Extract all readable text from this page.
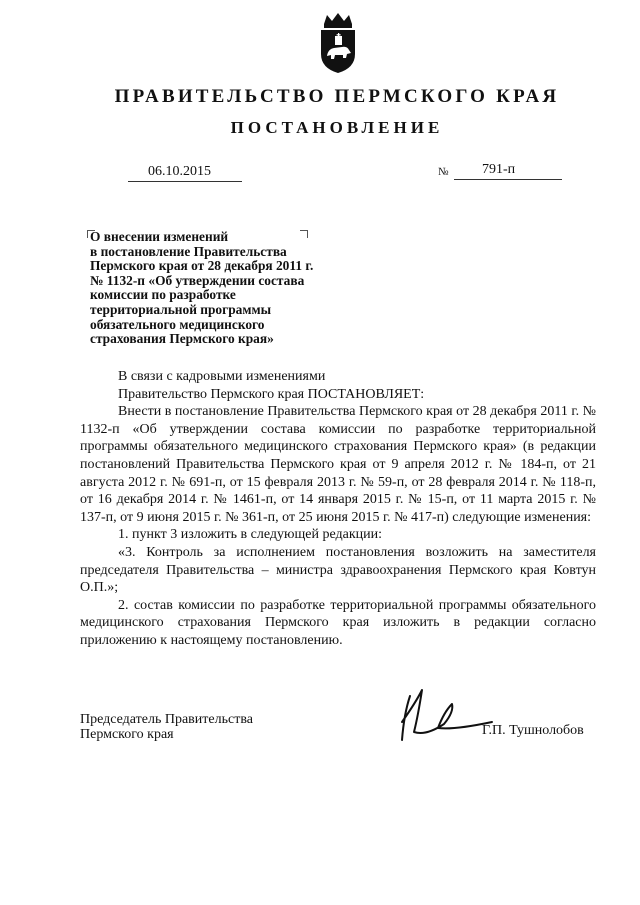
ПРАВИТЕЛЬСТВО ПЕРМСКОГО КРАЯ
ПОСТАНОВЛЕНИЕ
06.10.2015	№	791-п
О внесении изменений
в постановление Правительства
Пермского края от 28 декабря 2011 г.
№ 1132-п «Об утверждении состава
комиссии по разработке
территориальной программы
обязательного медицинского
страхования Пермского края»

В связи с кадровыми изменениями

Правительство Пермского края ПОСТАНОВЛЯЕТ:

Внести в постановление Правительства Пермского края от 28 декабря 2011 г. № 1132-п «Об утверждении состава комиссии по разработке территориальной программы обязательного медицинского страхования Пермского края» (в редакции постановлений Правительства Пермского края от 9 апреля 2012 г. № 184-п, от 21 августа 2012 г. № 691-п, от 15 февраля 2013 г. № 59-п, от 28 февраля 2014 г. № 118-п, от 16 декабря 2014 г. № 1461-п, от 14 января 2015 г. № 15-п, от 11 марта 2015 г. № 137-п, от 9 июня 2015 г. № 361-п, от 25 июня 2015 г. № 417-п) следующие изменения:

1. пункт 3 изложить в следующей редакции:

«3. Контроль за исполнением постановления возложить на заместителя председателя Правительства – министра здравоохранения Пермского края Ковтун О.П.»;

2. состав комиссии по разработке территориальной программы обязательного медицинского страхования Пермского края изложить в редакции согласно приложению к настоящему постановлению.

Председатель Правительства
Пермского края	Г.П. Тушнолобов
